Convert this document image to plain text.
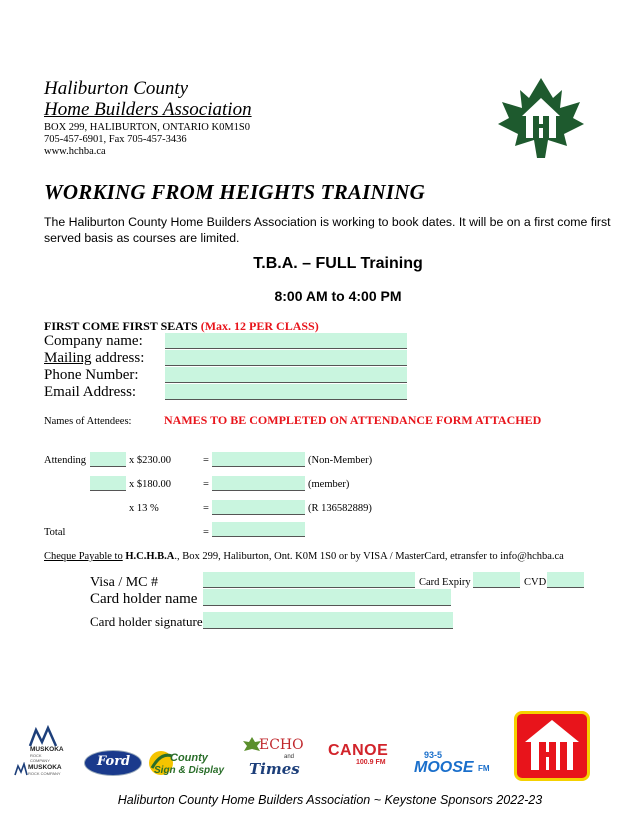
Haliburton County
Home Builders Association
BOX 299, HALIBURTON, ONTARIO K0M1S0
705-457-6901, Fax 705-457-3436
www.hchba.ca
WORKING FROM HEIGHTS TRAINING
The Haliburton County Home Builders Association is working to book dates. It will be on a first come first served basis as courses are limited.
T.B.A. – FULL Training
8:00 AM to 4:00 PM
FIRST COME FIRST SEATS (Max. 12 PER CLASS)
Company name:
Mailing address:
Phone Number:
Email Address:
Names of Attendees:	NAMES TO BE COMPLETED ON ATTENDANCE FORM ATTACHED
Attending	x $230.00	=	(Non-Member)
x $180.00	=	(member)
x 13 %	=	(R 136582889)
Total	=
Cheque Payable to H.C.H.B.A., Box 299, Haliburton, Ont. K0M 1S0 or by VISA / MasterCard, etransfer to info@hchba.ca
Visa / MC #	Card Expiry	CVD
Card holder name
Card holder signature
MUSKOKA
ROCK COMPANY
MUSKOKA
ROCK COMPANY
Ford	County
Sign & Display
ECHO
and
Times
CANOE
100.9 FM
93-5
MOOSE FM
Haliburton County Home Builders Association ~ Keystone Sponsors 2022-23
